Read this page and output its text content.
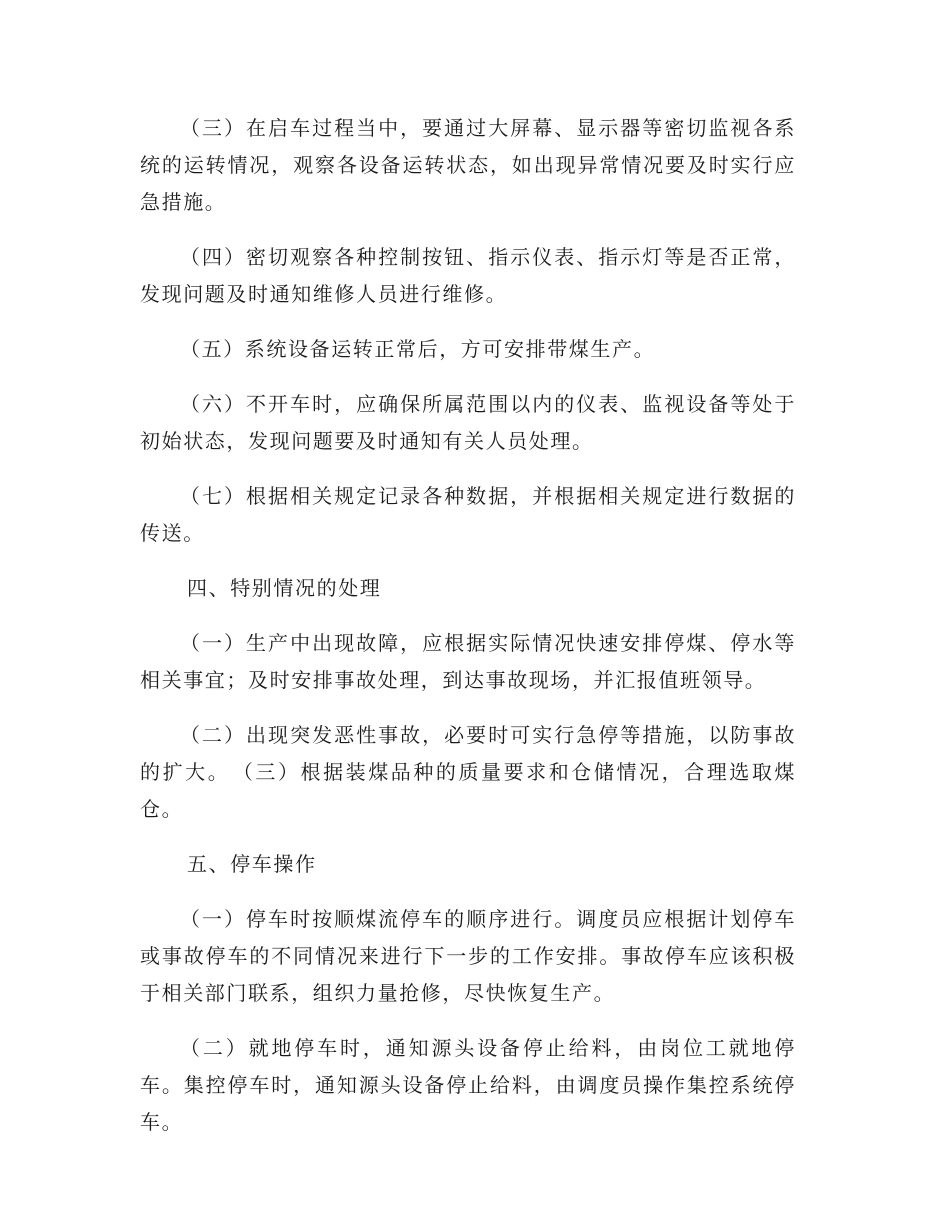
（三）在启车过程当中，要通过大屏幕、显示器等密切监视各系统的运转情况，观察各设备运转状态，如出现异常情况要及时实行应急措施。

（四）密切观察各种控制按钮、指示仪表、指示灯等是否正常，发现问题及时通知维修人员进行维修。

（五）系统设备运转正常后，方可安排带煤生产。

（六）不开车时，应确保所属范围以内的仪表、监视设备等处于初始状态，发现问题要及时通知有关人员处理。

（七）根据相关规定记录各种数据，并根据相关规定进行数据的传送。

四、特别情况的处理

（一）生产中出现故障，应根据实际情况快速安排停煤、停水等相关事宜；及时安排事故处理，到达事故现场，并汇报值班领导。

（二）出现突发恶性事故，必要时可实行急停等措施，以防事故的扩大。　（三）根据装煤品种的质量要求和仓储情况，合理选取煤仓。

五、停车操作

（一）停车时按顺煤流停车的顺序进行。调度员应根据计划停车或事故停车的不同情况来进行下一步的工作安排。事故停车应该积极于相关部门联系，组织力量抢修，尽快恢复生产。

（二）就地停车时，通知源头设备停止给料，由岗位工就地停车。集控停车时，通知源头设备停止给料，由调度员操作集控系统停车。
